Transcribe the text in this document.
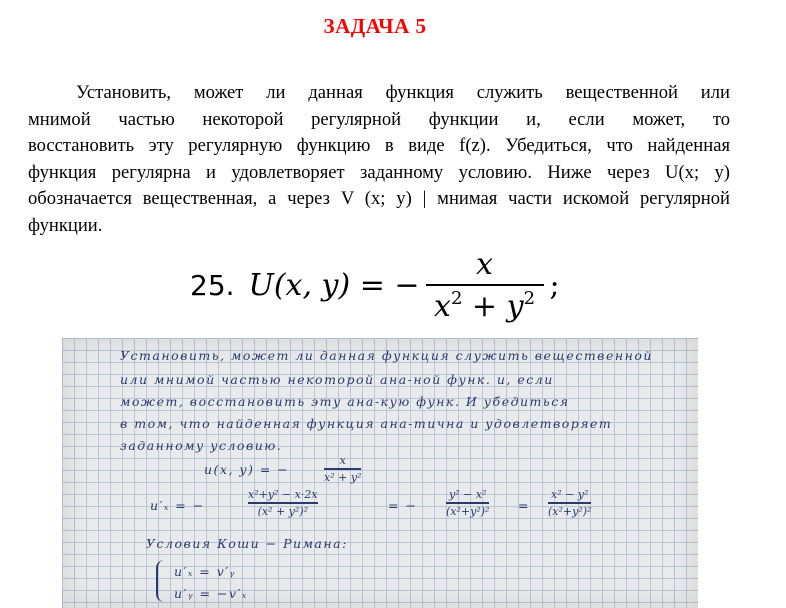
ЗАДАЧА 5
Установить, может ли данная функция служить вещественной или
мнимой частью некоторой регулярной функции и, если может, то
восстановить эту регулярную функцию в виде f(z). Убедиться, что найденная
функция регулярна и удовлетворяет заданному условию. Ниже через U(x; y)
обозначается вещественная, а через V (x; y) | мнимая части искомой регулярной
функции.
25. U(x, y) = − $\frac{x}{x^2 + y^2}$ ;
Установить, может ли данная функция служить вещественной
или мнимой частью некоторой ана-ной функ. и, если
может, восстановить эту ана-кую функ. И убедиться
в том, что найденная функция ана-тична и удовлетворяет
заданному условию.
u(x, y) = −
x
x² + y²
u′ₓ = −
x²+y² − x·2x
(x² + y²)²	= −
y² − x²
(x²+y²)² =
x² − y²
(x²+y²)²
Условия Коши − Римана:
u′ₓ = v′ᵧ
u′ᵧ = −v′ₓ
